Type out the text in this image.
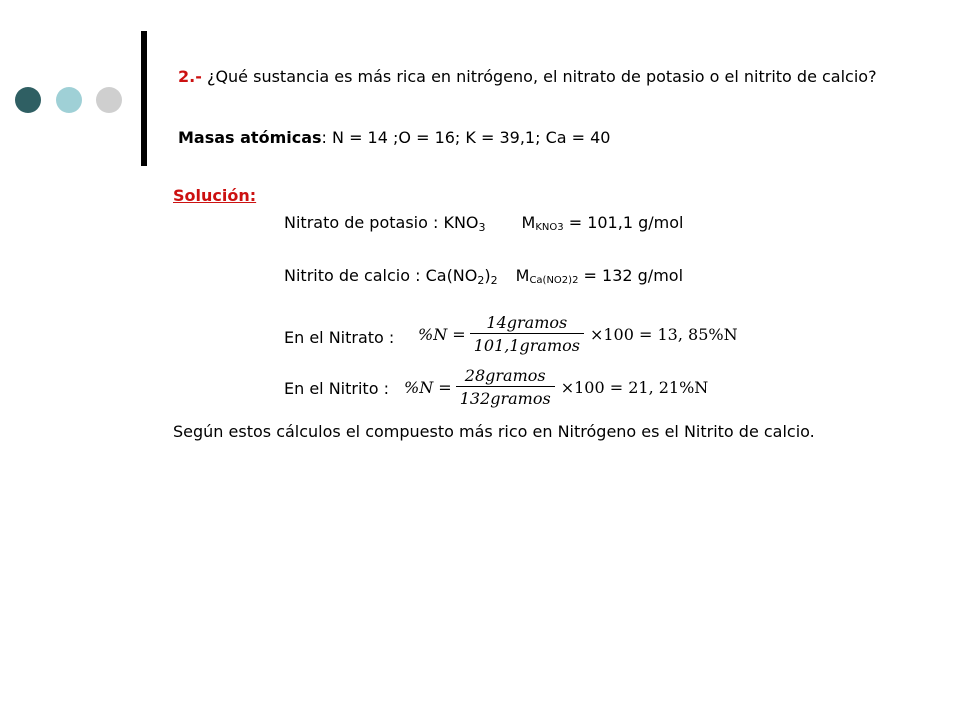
2.- ¿Qué sustancia es más rica en nitrógeno, el nitrato de potasio o el nitrito de calcio?
Masas atómicas: N = 14 ;O = 16; K = 39,1; Ca = 40
Solución:
Nitrato de potasio : $KNO_3$ $M_{KNO3} = 101,1$ g/mol
Nitrito de calcio : $Ca(NO_2)_2$ $M_{Ca(NO2)2} = 132$ g/mol
En el Nitrato : $\%N = \frac{\text{14gramos}}{\text{101,1gramos}} \times 100 = 13$, 85%N
En el Nitrito : $\%N = \frac{\text{28gramos}}{\text{132gramos}} \times 100 = 21$, 21%N
Según estos cálculos el compuesto más rico en Nitrógeno es el Nitrito de calcio.
